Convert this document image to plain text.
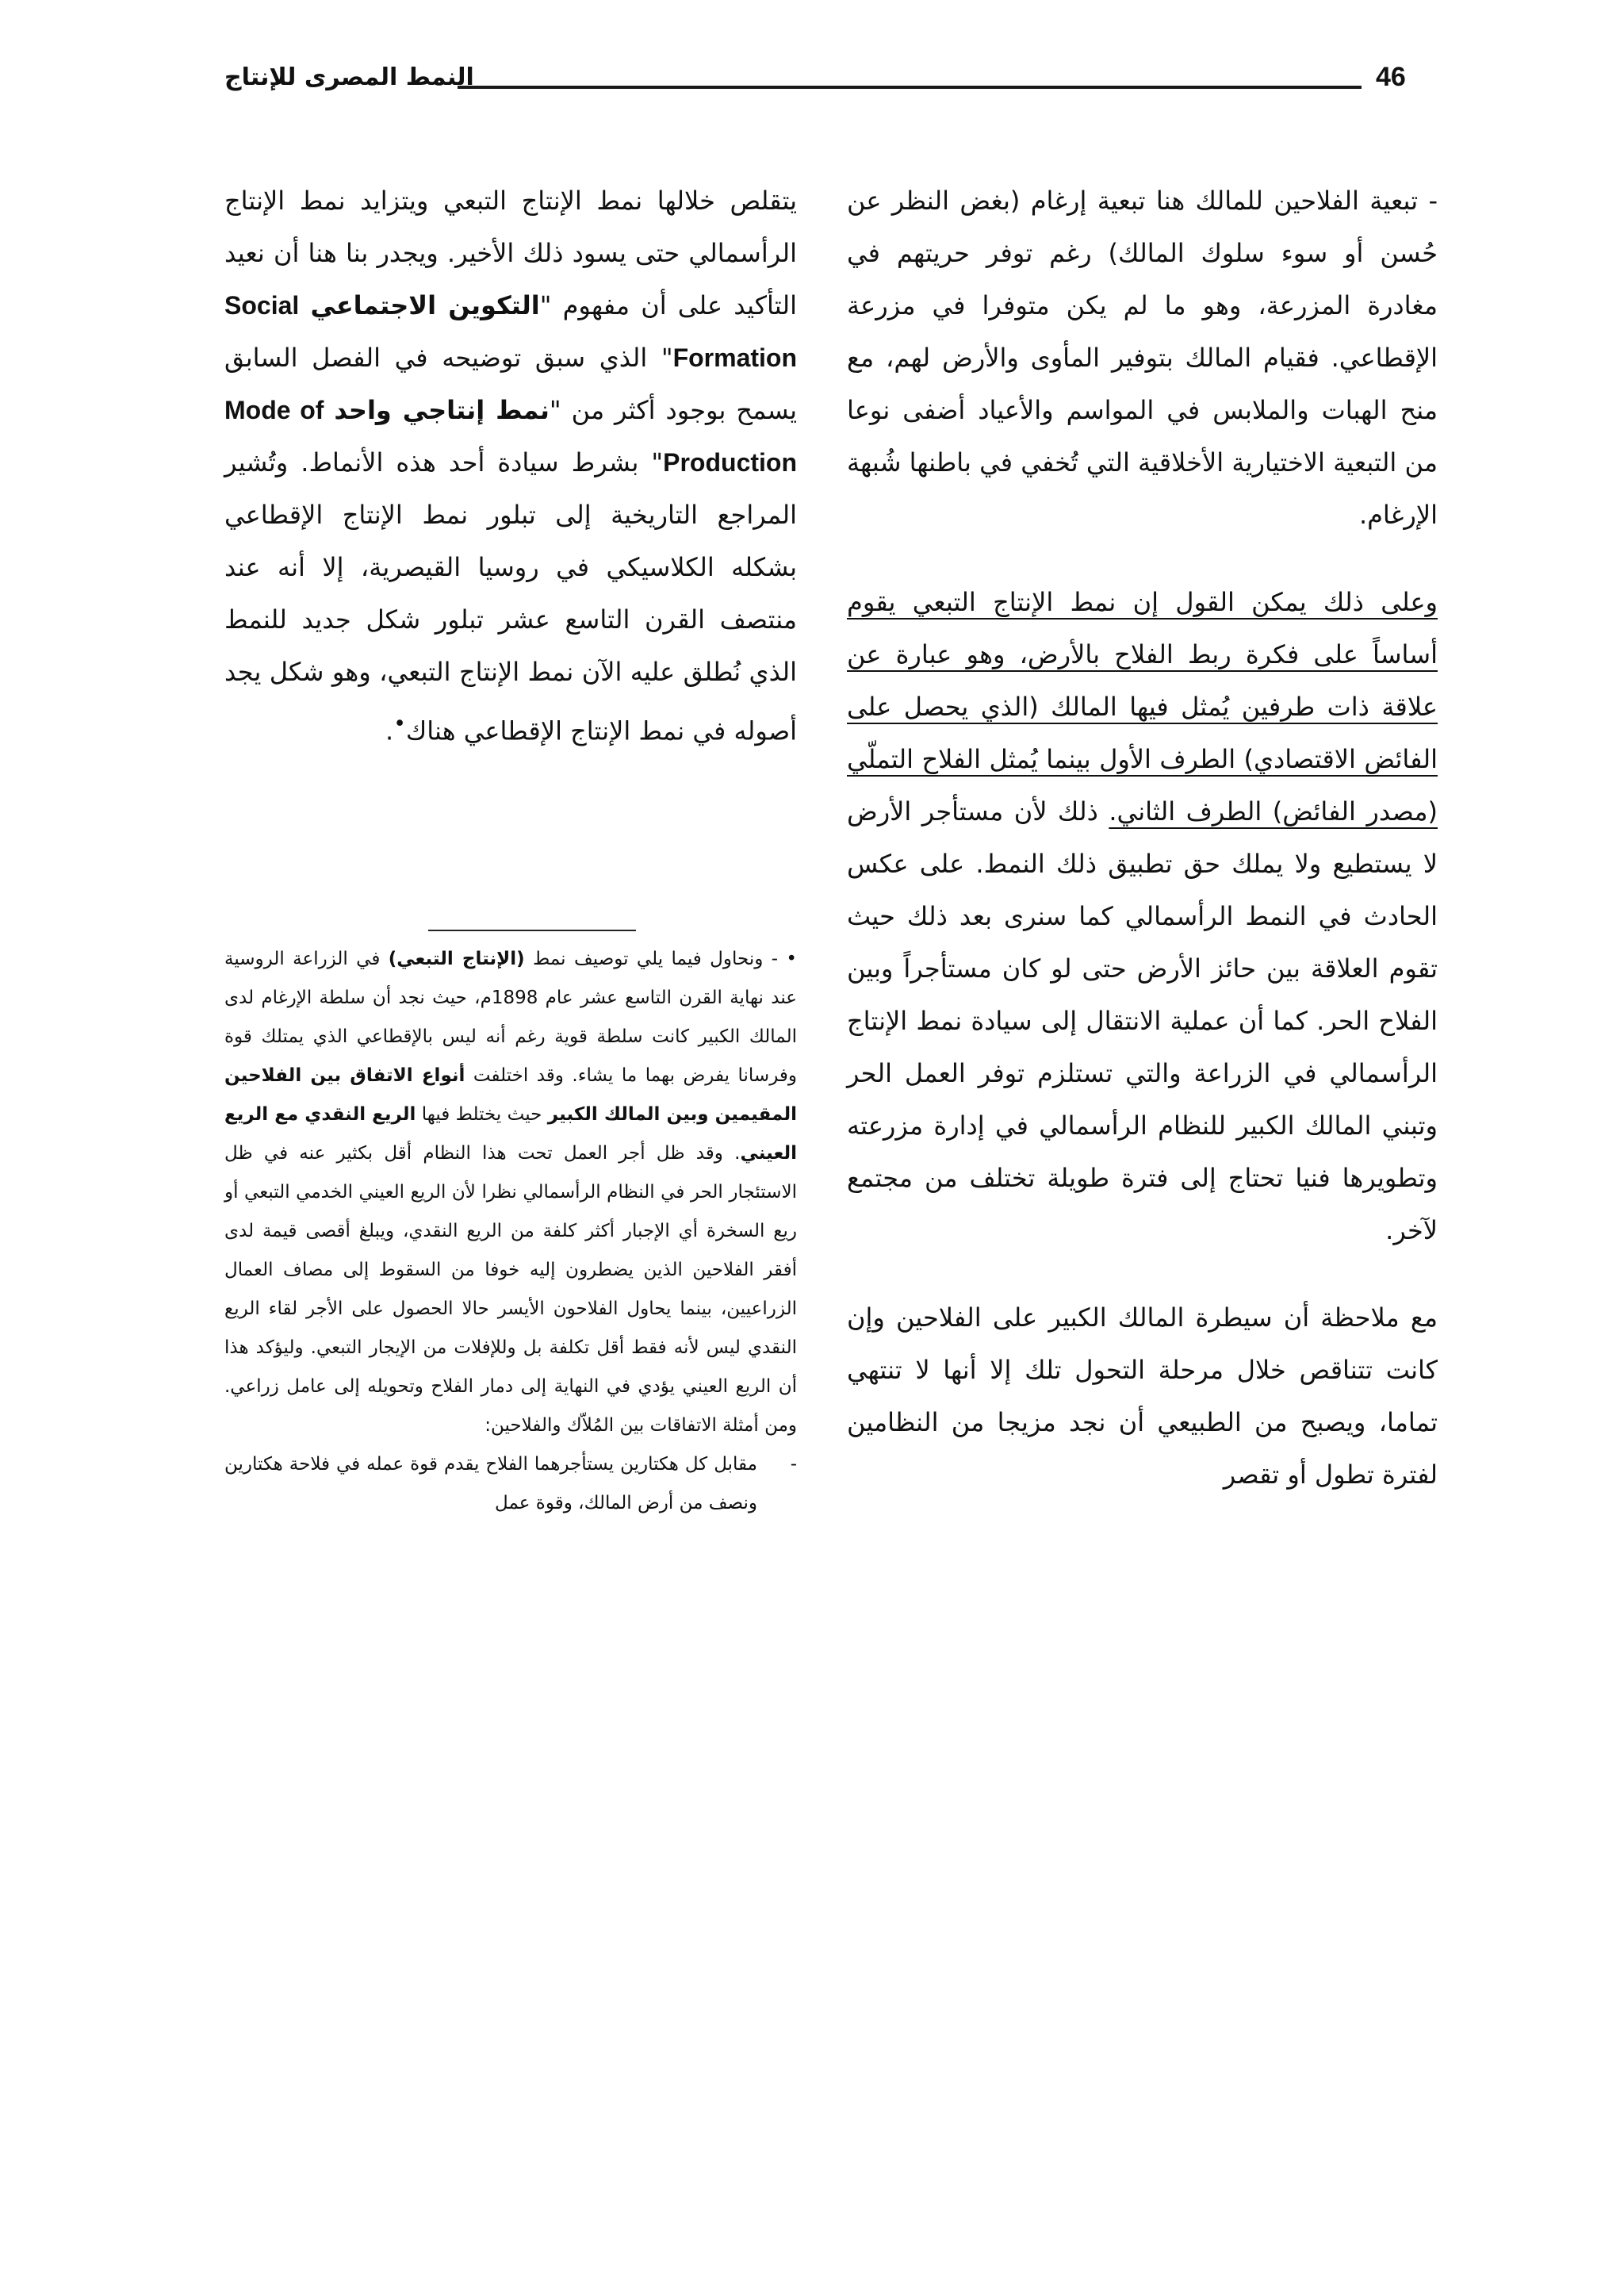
46
النمط المصرى للإنتاج

- تبعية الفلاحين للمالك هنا تبعية إرغام (بغض النظر عن حُسن أو سوء سلوك المالك) رغم توفر حريتهم في مغادرة المزرعة، وهو ما لم يكن متوفرا في مزرعة الإقطاعي. فقيام المالك بتوفير المأوى والأرض لهم، مع منح الهبات والملابس في المواسم والأعياد أضفى نوعا من التبعية الاختيارية الأخلاقية التي تُخفي في باطنها شُبهة الإرغام.

وعلى ذلك يمكن القول إن نمط الإنتاج التبعي يقوم أساساً على فكرة ربط الفلاح بالأرض، وهو عبارة عن علاقة ذات طرفين يُمثل فيها المالك (الذي يحصل على الفائض الاقتصادي) الطرف الأول بينما يُمثل الفلاح التملّي (مصدر الفائض) الطرف الثاني. ذلك لأن مستأجر الأرض لا يستطيع ولا يملك حق تطبيق ذلك النمط. على عكس الحادث في النمط الرأسمالي كما سنرى بعد ذلك حيث تقوم العلاقة بين حائز الأرض حتى لو كان مستأجراً وبين الفلاح الحر. كما أن عملية الانتقال إلى سيادة نمط الإنتاج الرأسمالي في الزراعة والتي تستلزم توفر العمل الحر وتبني المالك الكبير للنظام الرأسمالي في إدارة مزرعته وتطويرها فنيا تحتاج إلى فترة طويلة تختلف من مجتمع لآخر.

مع ملاحظة أن سيطرة المالك الكبير على الفلاحين وإن كانت تتناقص خلال مرحلة التحول تلك إلا أنها لا تنتهي تماما، ويصبح من الطبيعي أن نجد مزيجا من النظامين لفترة تطول أو تقصر

يتقلص خلالها نمط الإنتاج التبعي ويتزايد نمط الإنتاج الرأسمالي حتى يسود ذلك الأخير. ويجدر بنا هنا أن نعيد التأكيد على أن مفهوم "التكوين الاجتماعي Social Formation" الذي سبق توضيحه في الفصل السابق يسمح بوجود أكثر من "نمط إنتاجي واحد Mode of Production" بشرط سيادة أحد هذه الأنماط. وتُشير المراجع التاريخية إلى تبلور نمط الإنتاج الإقطاعي بشكله الكلاسيكي في روسيا القيصرية، إلا أنه عند منتصف القرن التاسع عشر تبلور شكل جديد للنمط الذي نُطلق عليه الآن نمط الإنتاج التبعي، وهو شكل يجد أصوله في نمط الإنتاج الإقطاعي هناك•.

• - ونحاول فيما يلي توصيف نمط (الإنتاج التبعي) في الزراعة الروسية عند نهاية القرن التاسع عشر عام 1898م، حيث نجد أن سلطة الإرغام لدى المالك الكبير كانت سلطة قوية رغم أنه ليس بالإقطاعي الذي يمتلك قوة وفرسانا يفرض بهما ما يشاء. وقد اختلفت أنواع الاتفاق بين الفلاحين المقيمين وبين المالك الكبير حيث يختلط فيها الريع النقدي مع الريع العيني. وقد ظل أجر العمل تحت هذا النظام أقل بكثير عنه في ظل الاستئجار الحر في النظام الرأسمالي نظرا لأن الريع العيني الخدمي التبعي أو ريع السخرة أي الإجبار أكثر كلفة من الريع النقدي، ويبلغ أقصى قيمة لدى أفقر الفلاحين الذين يضطرون إليه خوفا من السقوط إلى مصاف العمال الزراعيين، بينما يحاول الفلاحون الأيسر حالا الحصول على الأجر لقاء الريع النقدي ليس لأنه فقط أقل تكلفة بل وللإفلات من الإيجار التبعي. وليؤكد هذا أن الريع العيني يؤدي في النهاية إلى دمار الفلاح وتحويله إلى عامل زراعي. ومن أمثلة الاتفاقات بين المُلاّك والفلاحين:

-
مقابل كل هكتارين يستأجرهما الفلاح يقدم قوة عمله في فلاحة هكتارين ونصف من أرض المالك، وقوة عمل
